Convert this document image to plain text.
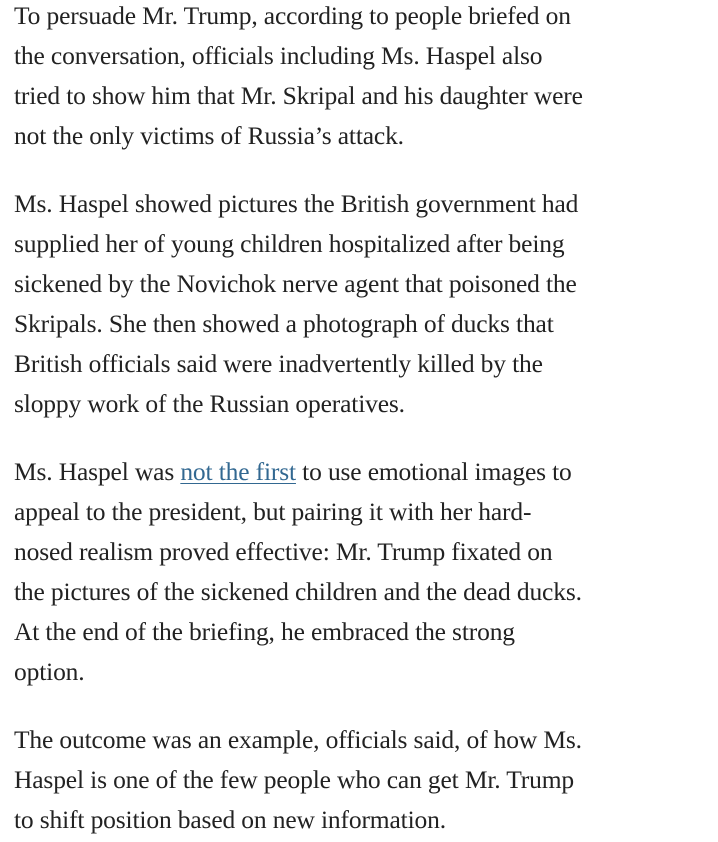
To persuade Mr. Trump, according to people briefed on
the conversation, officials including Ms. Haspel also
tried to show him that Mr. Skripal and his daughter were
not the only victims of Russia’s attack.

Ms. Haspel showed pictures the British government had
supplied her of young children hospitalized after being
sickened by the Novichok nerve agent that poisoned the
Skripals. She then showed a photograph of ducks that
British officials said were inadvertently killed by the
sloppy work of the Russian operatives.

Ms. Haspel was not the first to use emotional images to
appeal to the president, but pairing it with her hard-
nosed realism proved effective: Mr. Trump fixated on
the pictures of the sickened children and the dead ducks.
At the end of the briefing, he embraced the strong
option.

The outcome was an example, officials said, of how Ms.
Haspel is one of the few people who can get Mr. Trump
to shift position based on new information.
